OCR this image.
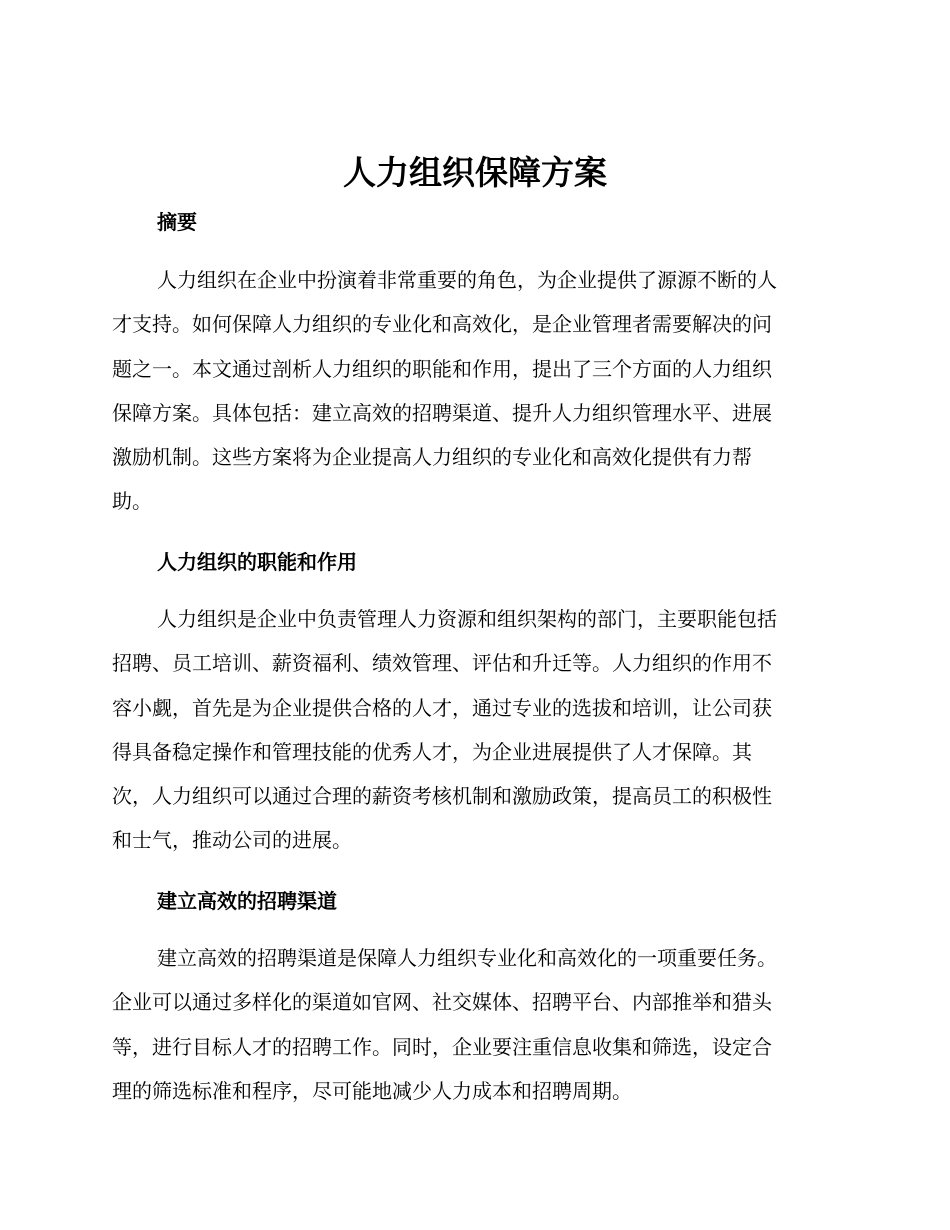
人力组织保障方案
摘要

人力组织在企业中扮演着非常重要的角色，为企业提供了源源不断的人
才支持。如何保障人力组织的专业化和高效化，是企业管理者需要解决的问
题之一。本文通过剖析人力组织的职能和作用，提出了三个方面的人力组织
保障方案。具体包括：建立高效的招聘渠道、提升人力组织管理水平、进展
激励机制。这些方案将为企业提高人力组织的专业化和高效化提供有力帮
助。

人力组织的职能和作用

人力组织是企业中负责管理人力资源和组织架构的部门，主要职能包括
招聘、员工培训、薪资福利、绩效管理、评估和升迁等。人力组织的作用不
容小觑，首先是为企业提供合格的人才，通过专业的选拔和培训，让公司获
得具备稳定操作和管理技能的优秀人才，为企业进展提供了人才保障。其
次，人力组织可以通过合理的薪资考核机制和激励政策，提高员工的积极性
和士气，推动公司的进展。

建立高效的招聘渠道

建立高效的招聘渠道是保障人力组织专业化和高效化的一项重要任务。
企业可以通过多样化的渠道如官网、社交媒体、招聘平台、内部推举和猎头
等，进行目标人才的招聘工作。同时，企业要注重信息收集和筛选，设定合
理的筛选标准和程序，尽可能地减少人力成本和招聘周期。
